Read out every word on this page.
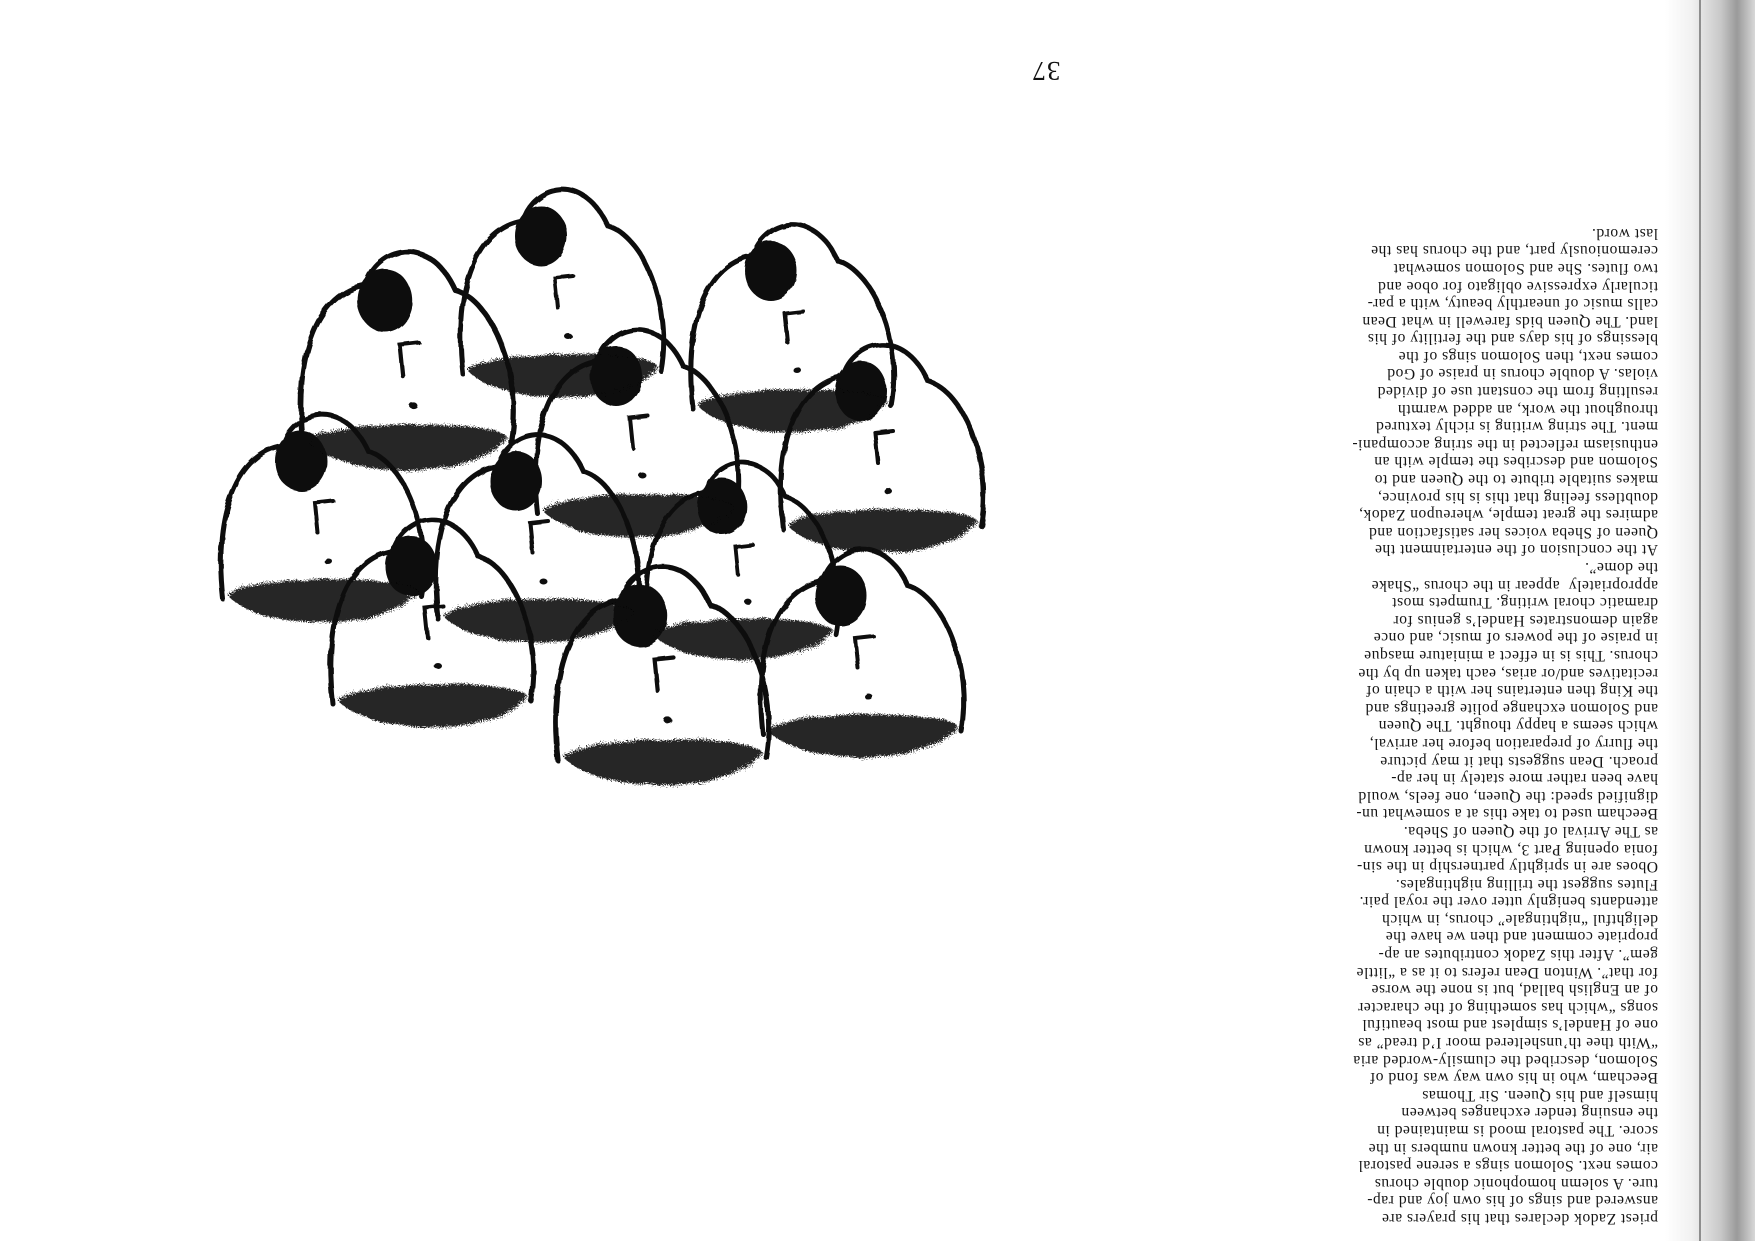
37

priest Zadok declares that his prayers are
answered and sings of his own joy and rap-
ture. A solemn homophonic double chorus
comes next. Solomon sings a serene pastoral
air, one of the better known numbers in the
score. The pastoral mood is maintained in
the ensuing tender exchanges between
himself and his Queen. Sir Thomas
Beecham, who in his own way was fond of
Solomon, described the clumsily-worded aria
“With thee th’unsheltered moor I’d tread” as
one of Handel’s simplest and most beautiful
songs “which has something of the character
of an English ballad, but is none the worse
for that”. Winton Dean refers to it as a “little
gem”. After this Zadok contributes an ap-
propriate comment and then we have the
delightful “nightingale” chorus, in which
attendants benignly utter over the royal pair.
Flutes suggest the trilling nightingales.

Oboes are in sprightly partnership in the sin-
fonia opening Part 3, which is better known
as The Arrival of the Queen of Sheba.
Beecham used to take this at a somewhat un-
dignified speed: the Queen, one feels, would
have been rather more stately in her ap-
proach. Dean suggests that it may picture
the flurry of preparation before her arrival,
which seems a happy thought. The Queen
and Solomon exchange polite greetings and
the King then entertains her with a chain of
recitatives and/or arias, each taken up by the
chorus. This is in effect a miniature masque
in praise of the powers of music, and once
again demonstrates Handel’s genius for
dramatic choral writing. Trumpets most
appropriately  appear in the chorus “Shake
the dome”.

At the conclusion of the entertainment the
Queen of Sheba voices her satisfaction and
admires the great temple, whereupon Zadok,
doubtless feeling that this is his province,
makes suitable tribute to the Queen and to
Solomon and describes the temple with an
enthusiasm reflected in the string accompani-
ment. The string writing is richly textured
throughout the work, an added warmth
resulting from the constant use of divided
violas. A double chorus in praise of God
comes next, then Solomon sings of the
blessings of his days and the fertility of his
land. The Queen bids farewell in what Dean
calls music of unearthly beauty, with a par-
ticularly expressive obligato for oboe and
two flutes. She and Solomon somewhat
ceremoniously part, and the chorus has the
last word.
